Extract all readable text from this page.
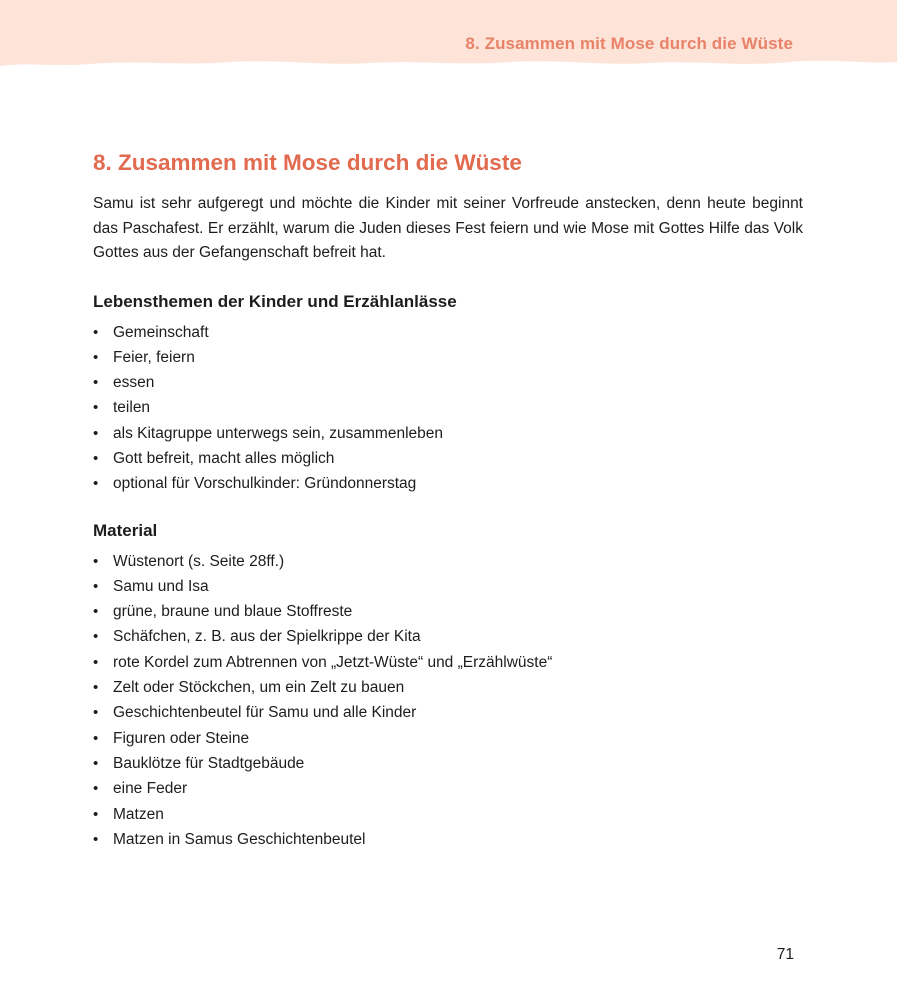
8. Zusammen mit Mose durch die Wüste
8. Zusammen mit Mose durch die Wüste

Samu ist sehr aufgeregt und möchte die Kinder mit seiner Vorfreude anstecken, denn heute beginnt das Paschafest. Er erzählt, warum die Juden dieses Fest feiern und wie Mose mit Gottes Hilfe das Volk Gottes aus der Gefangenschaft befreit hat.

Lebensthemen der Kinder und Erzählanlässe
• Gemeinschaft
• Feier, feiern
• essen
• teilen
• als Kitagruppe unterwegs sein, zusammenleben
• Gott befreit, macht alles möglich
• optional für Vorschulkinder: Gründonnerstag
Material
• Wüstenort (s. Seite 28ff.)
• Samu und Isa
• grüne, braune und blaue Stoffreste
• Schäfchen, z. B. aus der Spielkrippe der Kita
• rote Kordel zum Abtrennen von „Jetzt-Wüste“ und „Erzählwüste“
• Zelt oder Stöckchen, um ein Zelt zu bauen
• Geschichtenbeutel für Samu und alle Kinder
• Figuren oder Steine
• Bauklötze für Stadtgebäude
• eine Feder
• Matzen
• Matzen in Samus Geschichtenbeutel
71
